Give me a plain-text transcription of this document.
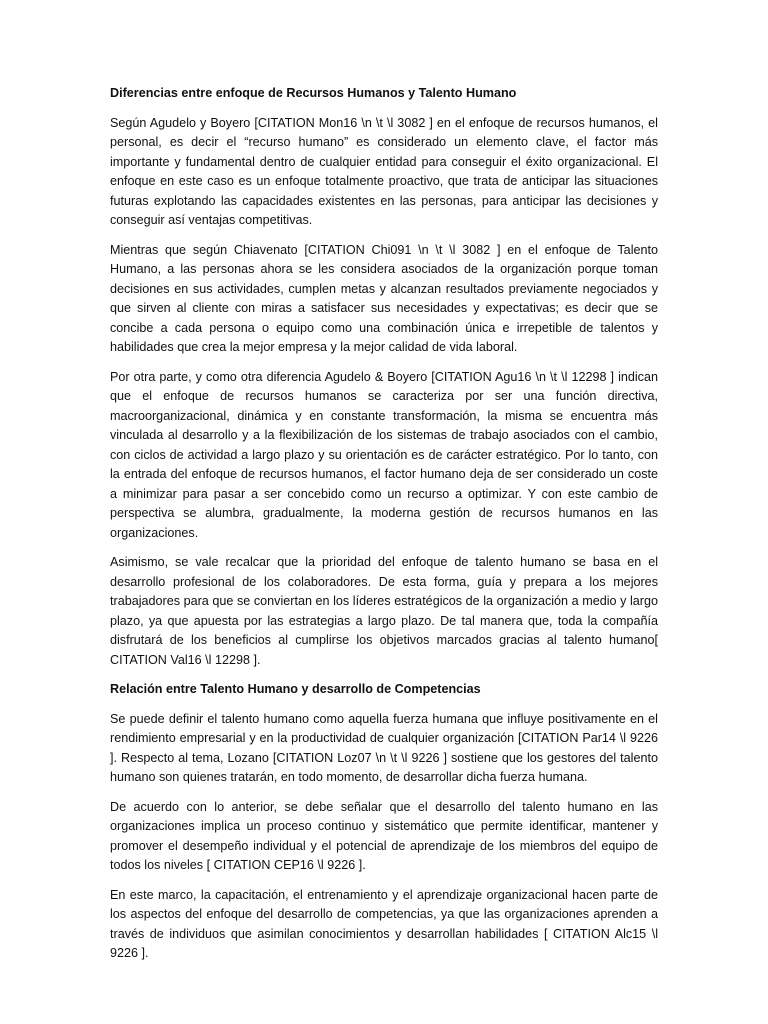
Diferencias entre enfoque de Recursos Humanos y Talento Humano

Según Agudelo y Boyero [CITATION Mon16 \n \t \l 3082 ] en el enfoque de recursos humanos, el personal, es decir el “recurso humano” es considerado un elemento clave, el factor más importante y fundamental dentro de cualquier entidad para conseguir el éxito organizacional. El enfoque en este caso es un enfoque totalmente proactivo, que trata de anticipar las situaciones futuras explotando las capacidades existentes en las personas, para anticipar las decisiones y conseguir así ventajas competitivas.

Mientras que según Chiavenato [CITATION Chi091 \n \t \l 3082 ] en el enfoque de Talento Humano, a las personas ahora se les considera asociados de la organización porque toman decisiones en sus actividades, cumplen metas y alcanzan resultados previamente negociados y que sirven al cliente con miras a satisfacer sus necesidades y expectativas; es decir que se concibe a cada persona o equipo como una combinación única e irrepetible de talentos y habilidades que crea la mejor empresa y la mejor calidad de vida laboral.

Por otra parte, y como otra diferencia Agudelo & Boyero [CITATION Agu16 \n \t \l 12298 ] indican que el enfoque de recursos humanos se caracteriza por ser una función directiva, macroorganizacional, dinámica y en constante transformación, la misma se encuentra más vinculada al desarrollo y a la flexibilización de los sistemas de trabajo asociados con el cambio, con ciclos de actividad a largo plazo y su orientación es de carácter estratégico. Por lo tanto, con la entrada del enfoque de recursos humanos, el factor humano deja de ser considerado un coste a minimizar para pasar a ser concebido como un recurso a optimizar. Y con este cambio de perspectiva se alumbra, gradualmente, la moderna gestión de recursos humanos en las organizaciones.

Asimismo, se vale recalcar que la prioridad del enfoque de talento humano se basa en el desarrollo profesional de los colaboradores. De esta forma, guía y prepara a los mejores trabajadores para que se conviertan en los líderes estratégicos de la organización a medio y largo plazo, ya que apuesta por las estrategias a largo plazo. De tal manera que, toda la compañía disfrutará de los beneficios al cumplirse los objetivos marcados gracias al talento humano[ CITATION Val16 \l 12298 ].

Relación entre Talento Humano y desarrollo de Competencias

Se puede definir el talento humano como aquella fuerza humana que influye positivamente en el rendimiento empresarial y en la productividad de cualquier organización [CITATION Par14 \l 9226 ]. Respecto al tema, Lozano [CITATION Loz07 \n \t \l 9226 ] sostiene que los gestores del talento humano son quienes tratarán, en todo momento, de desarrollar dicha fuerza humana.

De acuerdo con lo anterior, se debe señalar que el desarrollo del talento humano en las organizaciones implica un proceso continuo y sistemático que permite identificar, mantener y promover el desempeño individual y el potencial de aprendizaje de los miembros del equipo de todos los niveles [ CITATION CEP16 \l 9226 ].

En este marco, la capacitación, el entrenamiento y el aprendizaje organizacional hacen parte de los aspectos del enfoque del desarrollo de competencias, ya que las organizaciones aprenden a través de individuos que asimilan conocimientos y desarrollan habilidades [ CITATION Alc15 \l 9226 ].
